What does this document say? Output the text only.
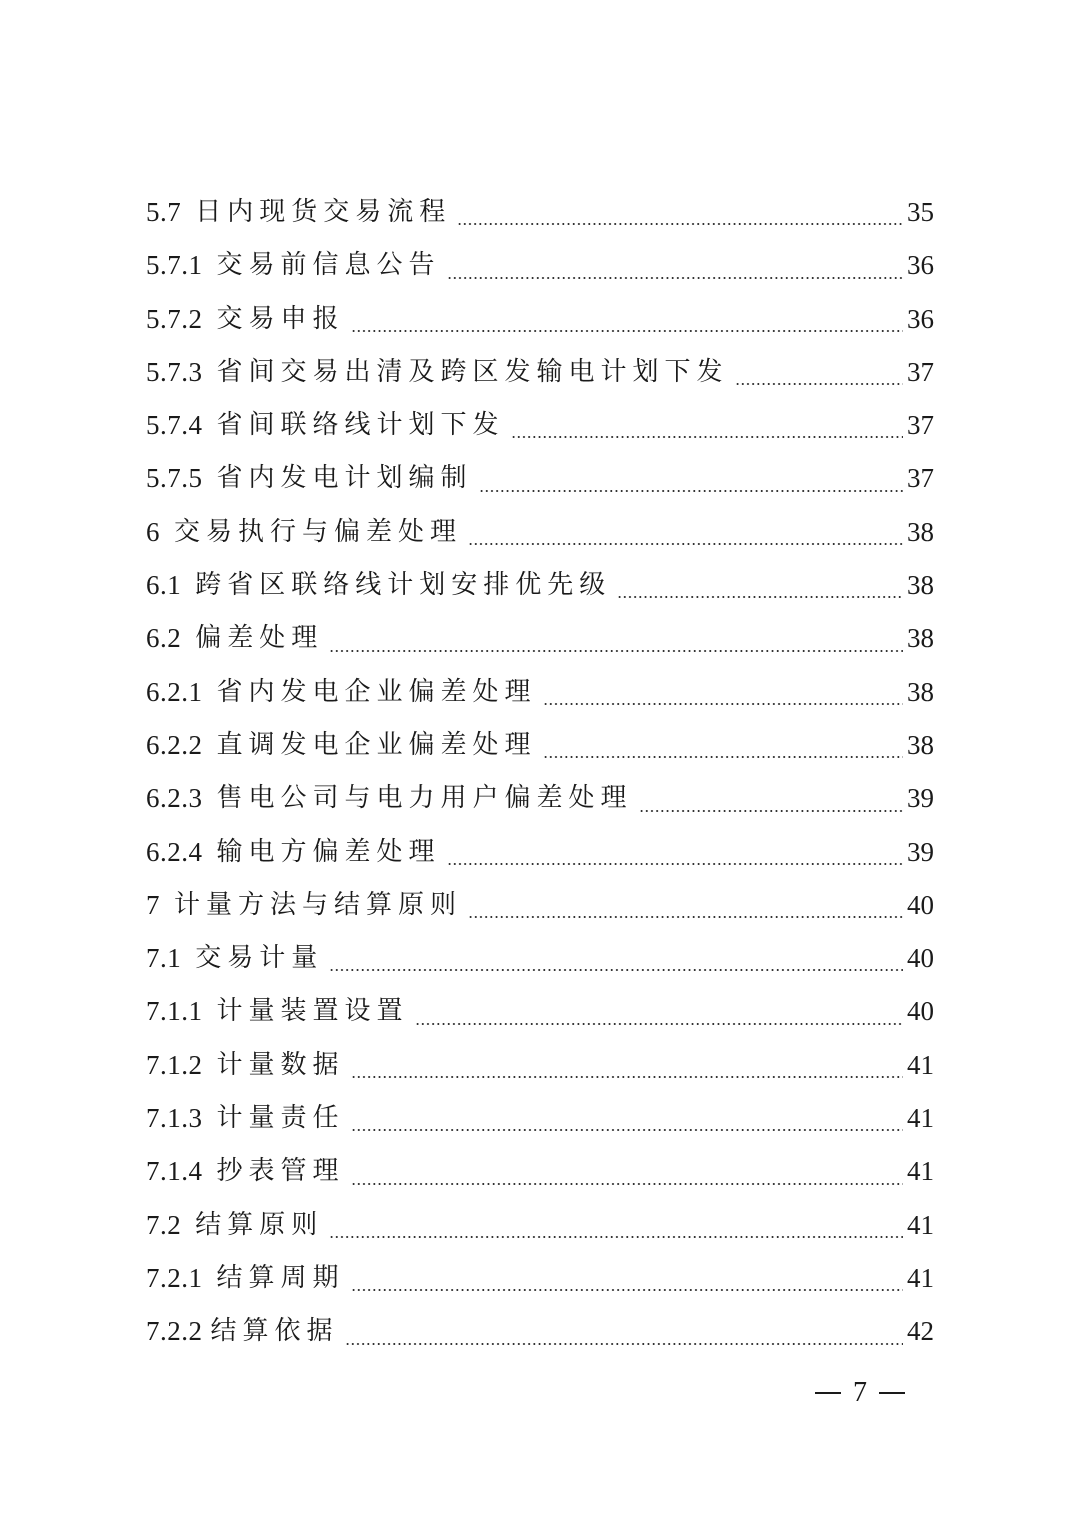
5.7 日内现货交易流程	35
5.7.1 交易前信息公告	36
5.7.2 交易申报	36
5.7.3 省间交易出清及跨区发输电计划下发	37
5.7.4 省间联络线计划下发	37
5.7.5 省内发电计划编制	37
6 交易执行与偏差处理	38
6.1 跨省区联络线计划安排优先级	38
6.2 偏差处理	38
6.2.1 省内发电企业偏差处理	38
6.2.2 直调发电企业偏差处理	38
6.2.3 售电公司与电力用户偏差处理	39
6.2.4 输电方偏差处理	39
7 计量方法与结算原则	40
7.1 交易计量	40
7.1.1 计量装置设置	40
7.1.2 计量数据	41
7.1.3 计量责任	41
7.1.4 抄表管理	41
7.2 结算原则	41
7.2.1 结算周期	41
7.2.2 结算依据	42
7
